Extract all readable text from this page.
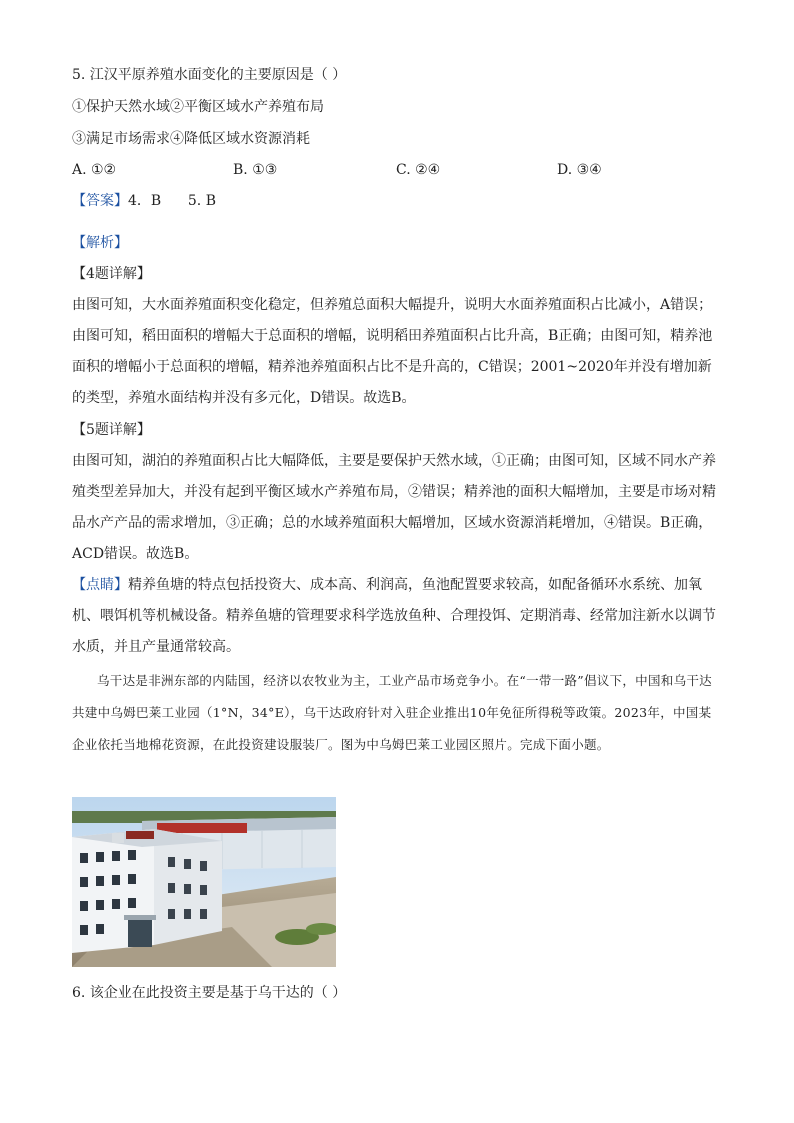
5. 江汉平原养殖水面变化的主要原因是（ ）
①保护天然水域②平衡区域水产养殖布局
③满足市场需求④降低区域水资源消耗
A. ①②	B. ①③	C. ②④	D. ③④
【答案】4．B      5. B
【解析】
【4题详解】
由图可知，大水面养殖面积变化稳定，但养殖总面积大幅提升，说明大水面养殖面积占比减小，A错误；由图可知，稻田面积的增幅大于总面积的增幅，说明稻田养殖面积占比升高，B正确；由图可知，精养池面积的增幅小于总面积的增幅，精养池养殖面积占比不是升高的，C错误；2001~2020年并没有增加新的类型，养殖水面结构并没有多元化，D错误。故选B。
【5题详解】
由图可知，湖泊的养殖面积占比大幅降低，主要是要保护天然水域，①正确；由图可知，区域不同水产养殖类型差异加大，并没有起到平衡区域水产养殖布局，②错误；精养池的面积大幅增加，主要是市场对精品水产产品的需求增加，③正确；总的水域养殖面积大幅增加，区域水资源消耗增加，④错误。B正确，ACD错误。故选B。
【点睛】精养鱼塘的特点包括投资大、成本高、利润高，鱼池配置要求较高，如配备循环水系统、加氧机、喂饵机等机械设备。精养鱼塘的管理要求科学选放鱼种、合理投饵、定期消毒、经常加注新水以调节水质，并且产量通常较高。
乌干达是非洲东部的内陆国，经济以农牧业为主，工业产品市场竞争小。在“一带一路”倡议下，中国和乌干达共建中乌姆巴莱工业园（1°N，34°E），乌干达政府针对入驻企业推出10年免征所得税等政策。2023年，中国某企业依托当地棉花资源，在此投资建设服装厂。图为中乌姆巴莱工业园区照片。完成下面小题。
6. 该企业在此投资主要是基于乌干达的（ ）
